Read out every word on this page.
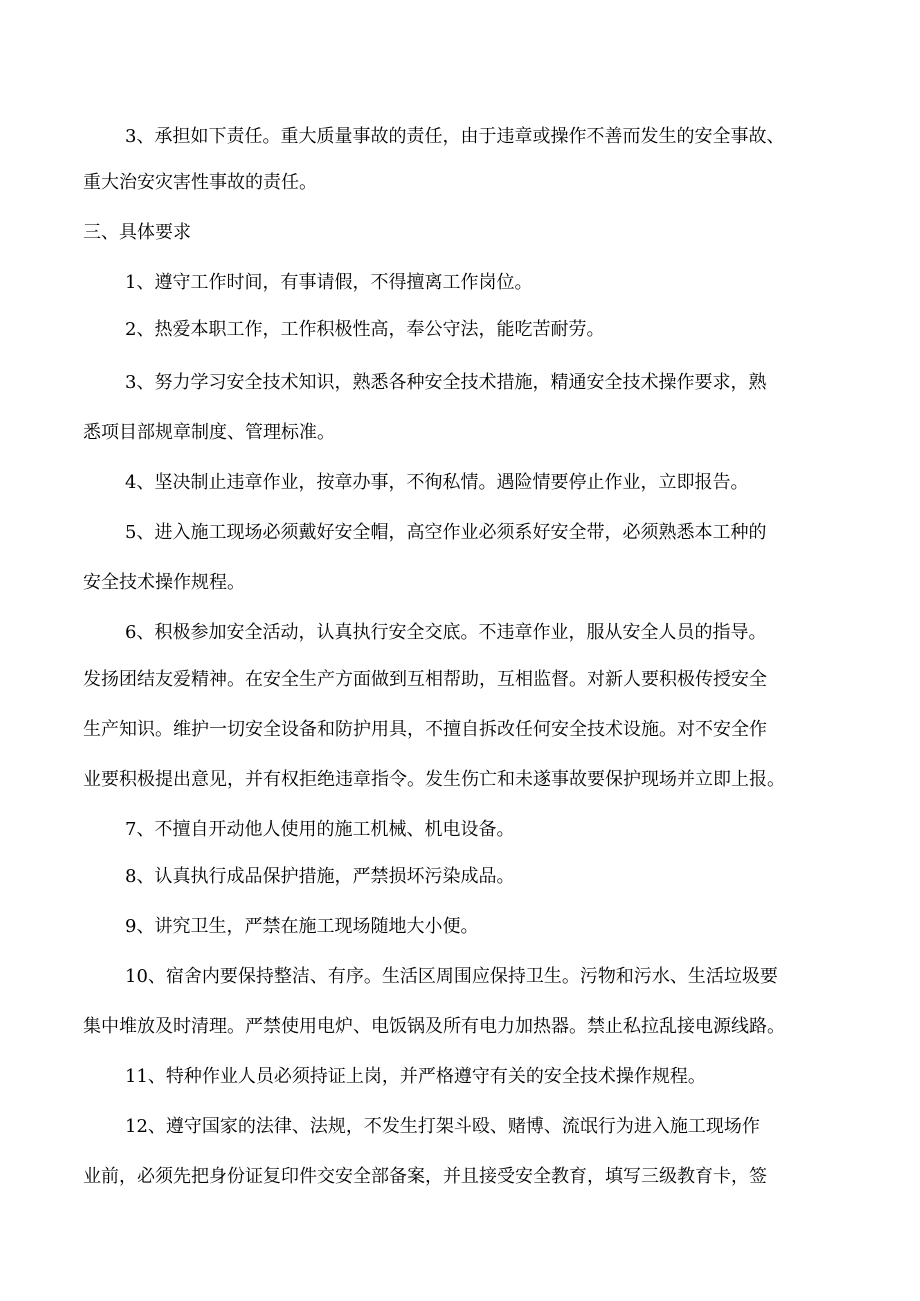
3、承担如下责任。重大质量事故的责任，由于违章或操作不善而发生的安全事故、
重大治安灾害性事故的责任。
三、具体要求
1、遵守工作时间，有事请假，不得擅离工作岗位。
2、热爱本职工作，工作积极性高，奉公守法，能吃苦耐劳。
3、努力学习安全技术知识，熟悉各种安全技术措施，精通安全技术操作要求，熟
悉项目部规章制度、管理标准。
4、坚决制止违章作业，按章办事，不徇私情。遇险情要停止作业，立即报告。
5、进入施工现场必须戴好安全帽，高空作业必须系好安全带，必须熟悉本工种的
安全技术操作规程。
6、积极参加安全活动，认真执行安全交底。不违章作业，服从安全人员的指导。
发扬团结友爱精神。在安全生产方面做到互相帮助，互相监督。对新人要积极传授安全
生产知识。维护一切安全设备和防护用具，不擅自拆改任何安全技术设施。对不安全作
业要积极提出意见，并有权拒绝违章指令。发生伤亡和未遂事故要保护现场并立即上报。
7、不擅自开动他人使用的施工机械、机电设备。
8、认真执行成品保护措施，严禁损坏污染成品。
9、讲究卫生，严禁在施工现场随地大小便。
10、宿舍内要保持整洁、有序。生活区周围应保持卫生。污物和污水、生活垃圾要
集中堆放及时清理。严禁使用电炉、电饭锅及所有电力加热器。禁止私拉乱接电源线路。
11、特种作业人员必须持证上岗，并严格遵守有关的安全技术操作规程。
12、遵守国家的法律、法规，不发生打架斗殴、赌博、流氓行为进入施工现场作
业前，必须先把身份证复印件交安全部备案，并且接受安全教育，填写三级教育卡，签
